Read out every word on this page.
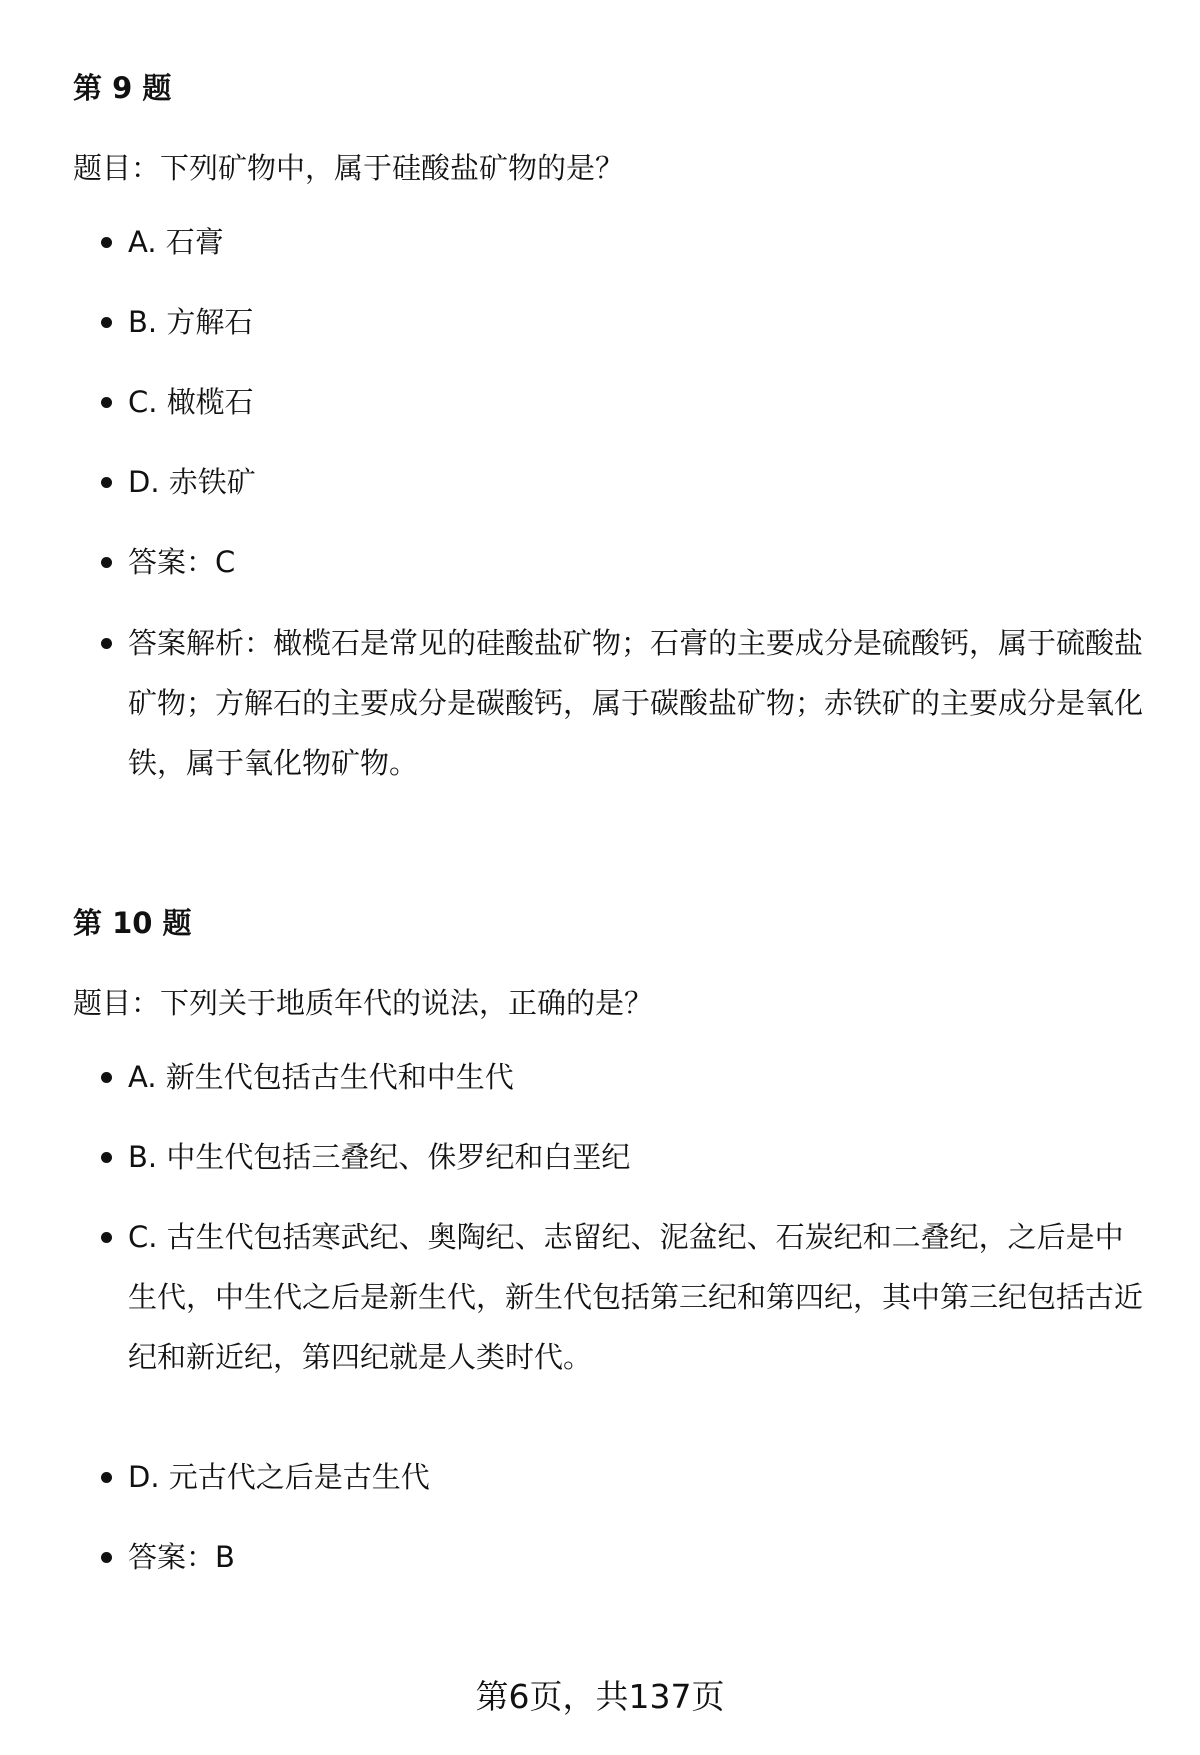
第 9 题
题目：下列矿物中，属于硅酸盐矿物的是？
A. 石膏
B. 方解石
C. 橄榄石
D. 赤铁矿
答案：C
答案解析：橄榄石是常见的硅酸盐矿物；石膏的主要成分是硫酸钙，属于硫酸盐矿物；方解石的主要成分是碳酸钙，属于碳酸盐矿物；赤铁矿的主要成分是氧化铁，属于氧化物矿物。
第 10 题
题目：下列关于地质年代的说法，正确的是？
A. 新生代包括古生代和中生代
B. 中生代包括三叠纪、侏罗纪和白垩纪
C. 古生代包括寒武纪、奥陶纪、志留纪、泥盆纪、石炭纪和二叠纪，之后是中生代，中生代之后是新生代，新生代包括第三纪和第四纪，其中第三纪包括古近纪和新近纪，第四纪就是人类时代。
D. 元古代之后是古生代
答案：B
第6页，共137页
